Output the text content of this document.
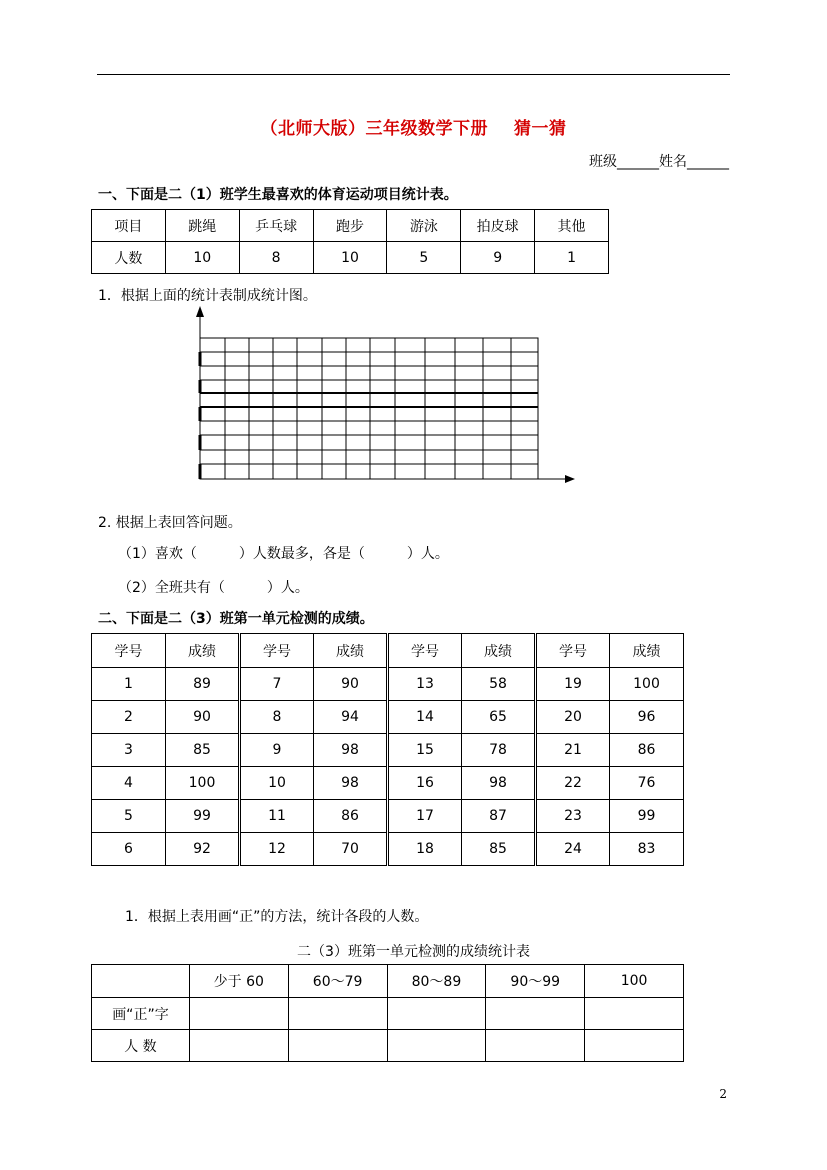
（北师大版）三年级数学下册 猜一猜
班级______姓名______
一、下面是二（1）班学生最喜欢的体育运动项目统计表。
项目	跳绳	乒乓球	跑步	游泳	拍皮球	其他
人数	10	8	10	5	9	1
1．根据上面的统计表制成统计图。
2. 根据上表回答问题。
（1）喜欢（　　　）人数最多，各是（　　　）人。
（2）全班共有（　　　）人。
二、下面是二（3）班第一单元检测的成绩。
学号	成绩	学号	成绩	学号	成绩	学号	成绩
1	89	7	90	13	58	19	100
2	90	8	94	14	65	20	96
3	85	9	98	15	78	21	86
4	100	10	98	16	98	22	76
5	99	11	86	17	87	23	99
6	92	12	70	18	85	24	83
1．根据上表用画“正”的方法，统计各段的人数。
二（3）班第一单元检测的成绩统计表
	少于 60	60～79	80～89	90～99	100
画“正”字					
人 数					
2
